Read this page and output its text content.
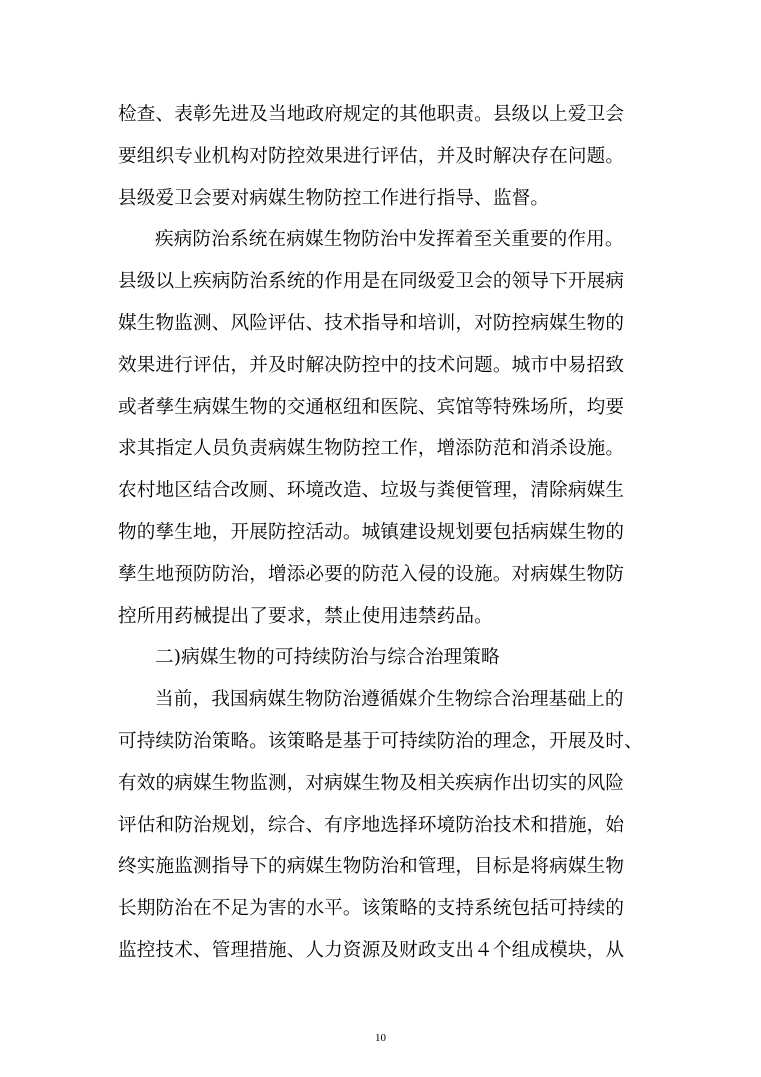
检查、表彰先进及当地政府规定的其他职责。县级以上爱卫会
要组织专业机构对防控效果进行评估，并及时解决存在问题。
县级爱卫会要对病媒生物防控工作进行指导、监督。
疾病防治系统在病媒生物防治中发挥着至关重要的作用。
县级以上疾病防治系统的作用是在同级爱卫会的领导下开展病
媒生物监测、风险评估、技术指导和培训，对防控病媒生物的
效果进行评估，并及时解决防控中的技术问题。城市中易招致
或者孳生病媒生物的交通枢纽和医院、宾馆等特殊场所，均要
求其指定人员负责病媒生物防控工作，增添防范和消杀设施。
农村地区结合改厕、环境改造、垃圾与粪便管理，清除病媒生
物的孳生地，开展防控活动。城镇建设规划要包括病媒生物的
孳生地预防防治，增添必要的防范入侵的设施。对病媒生物防
控所用药械提出了要求，禁止使用违禁药品。
二)病媒生物的可持续防治与综合治理策略
当前，我国病媒生物防治遵循媒介生物综合治理基础上的
可持续防治策略。该策略是基于可持续防治的理念，开展及时、
有效的病媒生物监测，对病媒生物及相关疾病作出切实的风险
评估和防治规划，综合、有序地选择环境防治技术和措施，始
终实施监测指导下的病媒生物防治和管理，目标是将病媒生物
长期防治在不足为害的水平。该策略的支持系统包括可持续的
监控技术、管理措施、人力资源及财政支出４个组成模块，从
10
